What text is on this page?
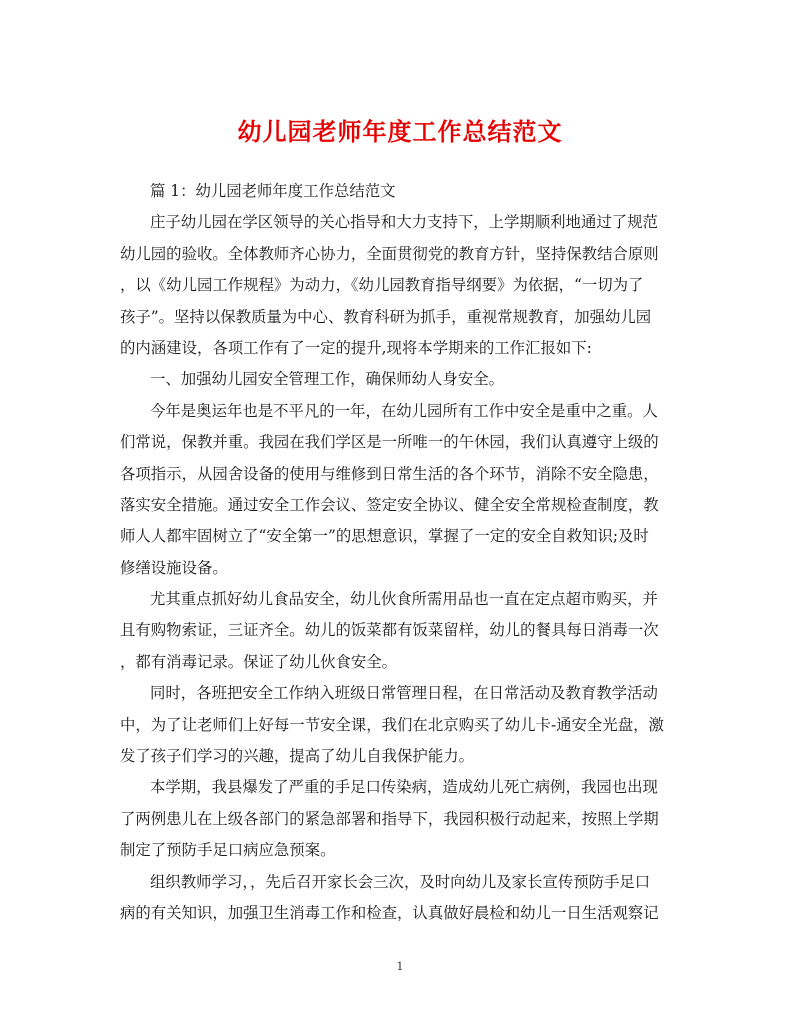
幼儿园老师年度工作总结范文
篇 1：幼儿园老师年度工作总结范文
庄子幼儿园在学区领导的关心指导和大力支持下，上学期顺利地通过了规范
幼儿园的验收。全体教师齐心协力，全面贯彻党的教育方针，坚持保教结合原则
，以《幼儿园工作规程》为动力，《幼儿园教育指导纲要》为依据，“一切为了
孩子”。坚持以保教质量为中心、教育科研为抓手，重视常规教育，加强幼儿园
的内涵建设，各项工作有了一定的提升,现将本学期来的工作汇报如下:
一、加强幼儿园安全管理工作，确保师幼人身安全。
今年是奥运年也是不平凡的一年，在幼儿园所有工作中安全是重中之重。人
们常说，保教并重。我园在我们学区是一所唯一的午休园，我们认真遵守上级的
各项指示，从园舍设备的使用与维修到日常生活的各个环节，消除不安全隐患，
落实安全措施。通过安全工作会议、签定安全协议、健全安全常规检查制度，教
师人人都牢固树立了“安全第一”的思想意识，掌握了一定的安全自救知识;及时
修缮设施设备。
尤其重点抓好幼儿食品安全，幼儿伙食所需用品也一直在定点超市购买，并
且有购物索证，三证齐全。幼儿的饭菜都有饭菜留样，幼儿的餐具每日消毒一次
，都有消毒记录。保证了幼儿伙食安全。
同时，各班把安全工作纳入班级日常管理日程，在日常活动及教育教学活动
中，为了让老师们上好每一节安全课，我们在北京购买了幼儿卡-通安全光盘，激
发了孩子们学习的兴趣，提高了幼儿自我保护能力。
本学期，我县爆发了严重的手足口传染病，造成幼儿死亡病例，我园也出现
了两例患儿在上级各部门的紧急部署和指导下，我园积极行动起来，按照上学期
制定了预防手足口病应急预案。
组织教师学习，，先后召开家长会三次，及时向幼儿及家长宣传预防手足口
病的有关知识，加强卫生消毒工作和检查，认真做好晨检和幼儿一日生活观察记
1
